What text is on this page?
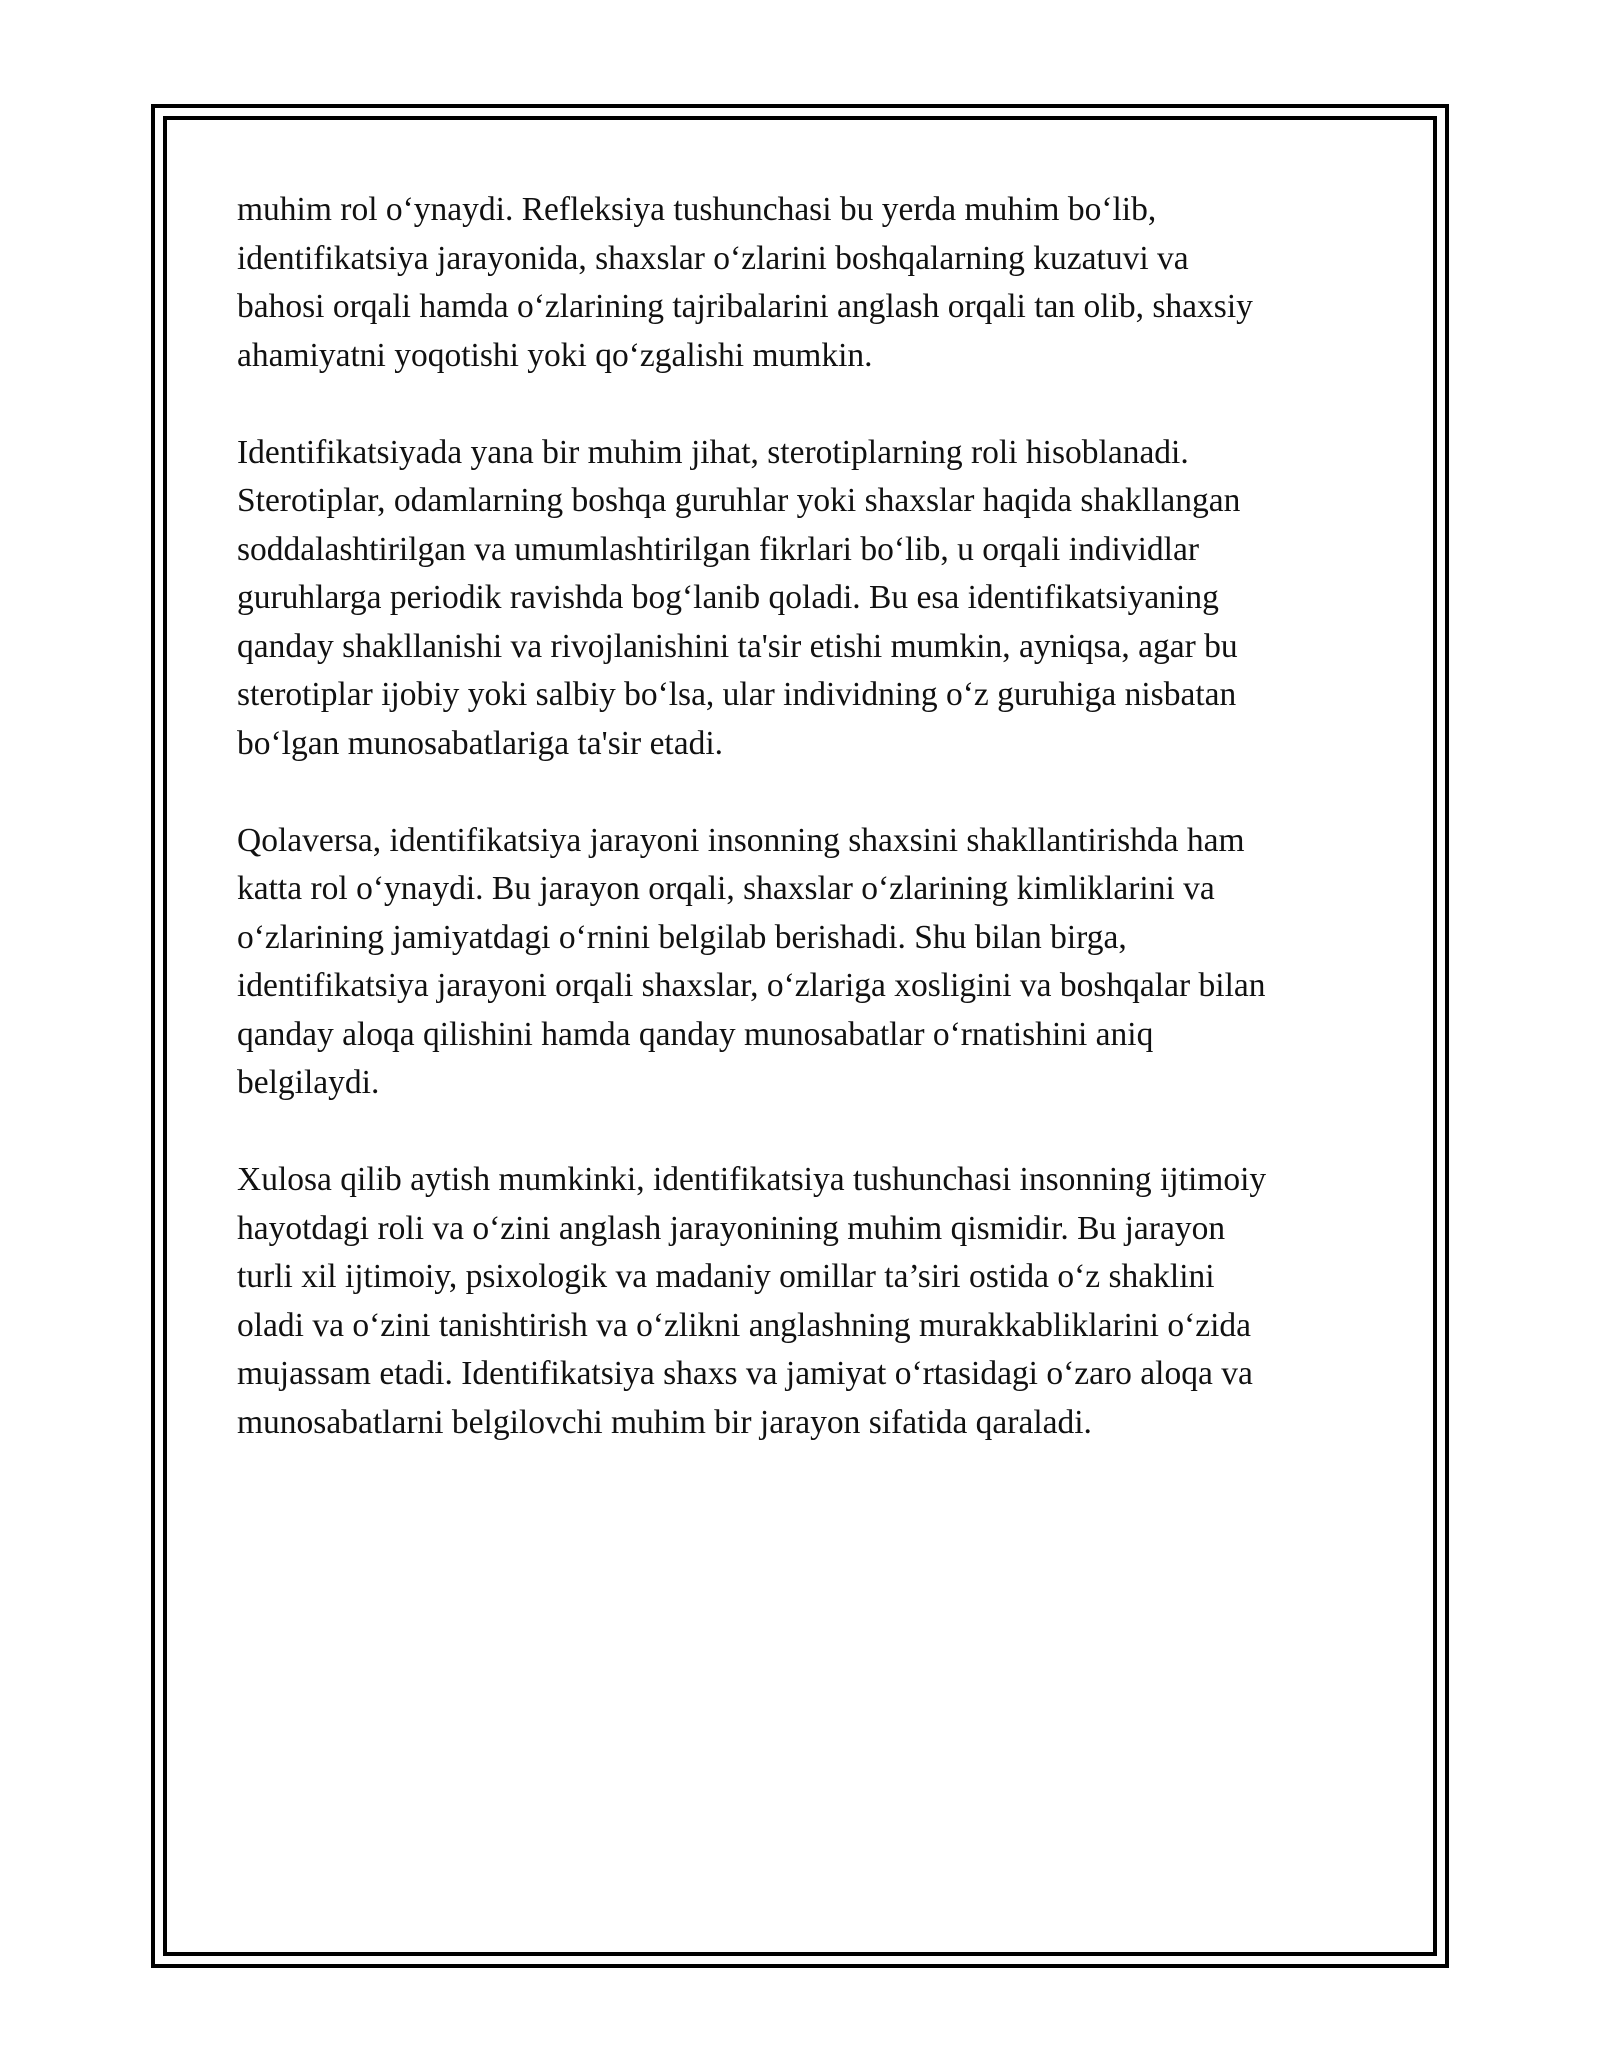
muhim rol o‘ynaydi. Refleksiya tushunchasi bu yerda muhim bo‘lib,
identifikatsiya jarayonida, shaxslar o‘zlarini boshqalarning kuzatuvi va
bahosi orqali hamda o‘zlarining tajribalarini anglash orqali tan olib, shaxsiy
ahamiyatni yoqotishi yoki qo‘zgalishi mumkin.

Identifikatsiyada yana bir muhim jihat, sterotiplarning roli hisoblanadi.
Sterotiplar, odamlarning boshqa guruhlar yoki shaxslar haqida shakllangan
soddalashtirilgan va umumlashtirilgan fikrlari bo‘lib, u orqali individlar
guruhlarga periodik ravishda bog‘lanib qoladi. Bu esa identifikatsiyaning
qanday shakllanishi va rivojlanishini ta'sir etishi mumkin, ayniqsa, agar bu
sterotiplar ijobiy yoki salbiy bo‘lsa, ular individning o‘z guruhiga nisbatan
bo‘lgan munosabatlariga ta'sir etadi.

Qolaversa, identifikatsiya jarayoni insonning shaxsini shakllantirishda ham
katta rol o‘ynaydi. Bu jarayon orqali, shaxslar o‘zlarining kimliklarini va
o‘zlarining jamiyatdagi o‘rnini belgilab berishadi. Shu bilan birga,
identifikatsiya jarayoni orqali shaxslar, o‘zlariga xosligini va boshqalar bilan
qanday aloqa qilishini hamda qanday munosabatlar o‘rnatishini aniq
belgilaydi.

Xulosa qilib aytish mumkinki, identifikatsiya tushunchasi insonning ijtimoiy
hayotdagi roli va o‘zini anglash jarayonining muhim qismidir. Bu jarayon
turli xil ijtimoiy, psixologik va madaniy omillar ta’siri ostida o‘z shaklini
oladi va o‘zini tanishtirish va o‘zlikni anglashning murakkabliklarini o‘zida
mujassam etadi. Identifikatsiya shaxs va jamiyat o‘rtasidagi o‘zaro aloqa va
munosabatlarni belgilovchi muhim bir jarayon sifatida qaraladi.
